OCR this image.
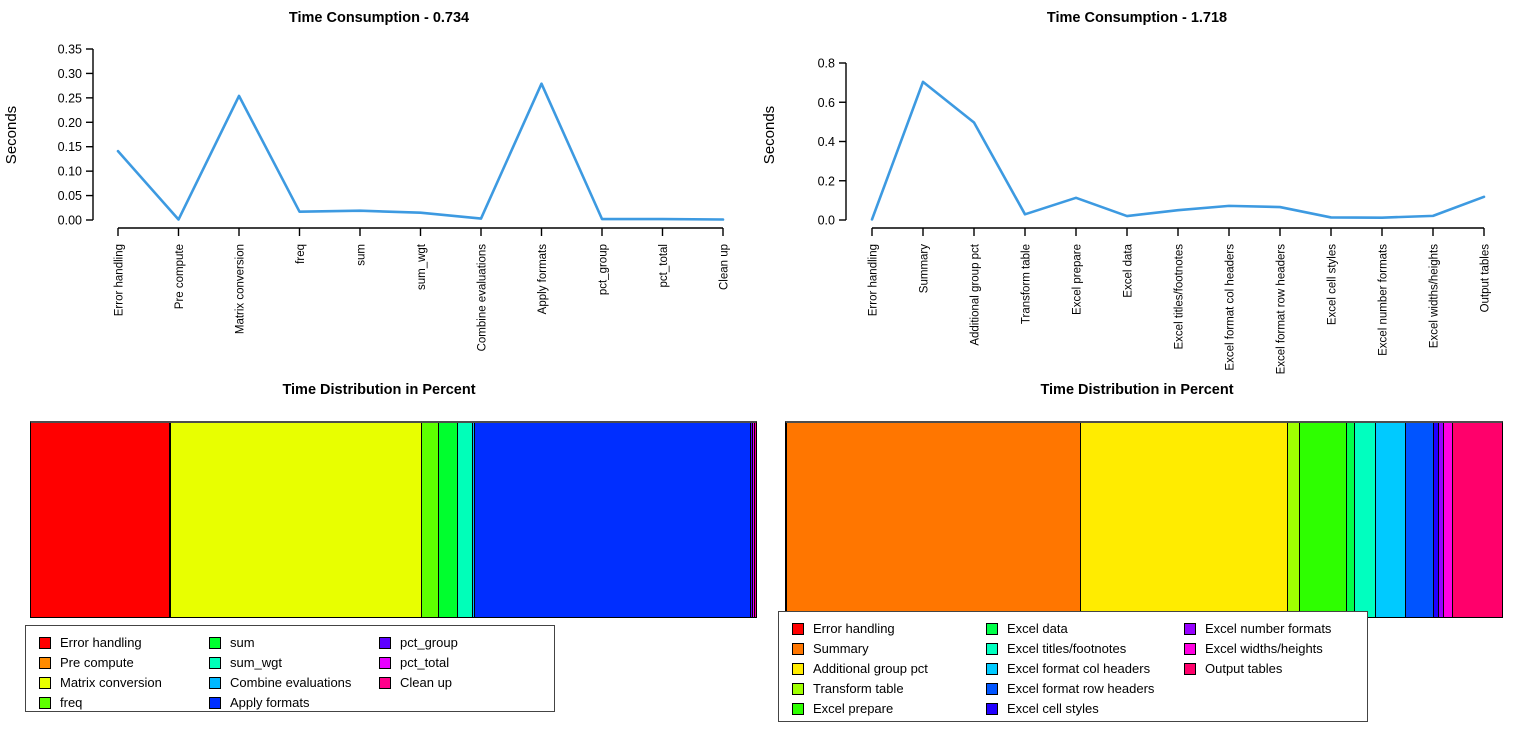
Time Consumption - 0.734
Seconds
0.00
0.05
0.10
0.15
0.20
0.25
0.30
0.35
Error handling	Pre compute	Matrix conversion	freq	sum	sum_wgt	Combine evaluations	Apply formats	pct_group	pct_total	Clean up
Time Consumption - 1.718
Seconds
0.0
0.2
0.4
0.6
0.8
Error handling	Summary	Additional group pct	Transform table	Excel prepare	Excel data	Excel titles/footnotes	Excel format col headers	Excel format row headers	Excel cell styles	Excel number formats	Excel widths/heights	Output tables
Time Distribution in Percent
Error handling
Pre compute
Matrix conversion
freq
sum
sum_wgt
Combine evaluations
Apply formats
pct_group
pct_total
Clean up
Time Distribution in Percent
Error handling
Summary
Additional group pct
Transform table
Excel prepare
Excel data
Excel titles/footnotes
Excel format col headers
Excel format row headers
Excel cell styles
Excel number formats
Excel widths/heights
Output tables
